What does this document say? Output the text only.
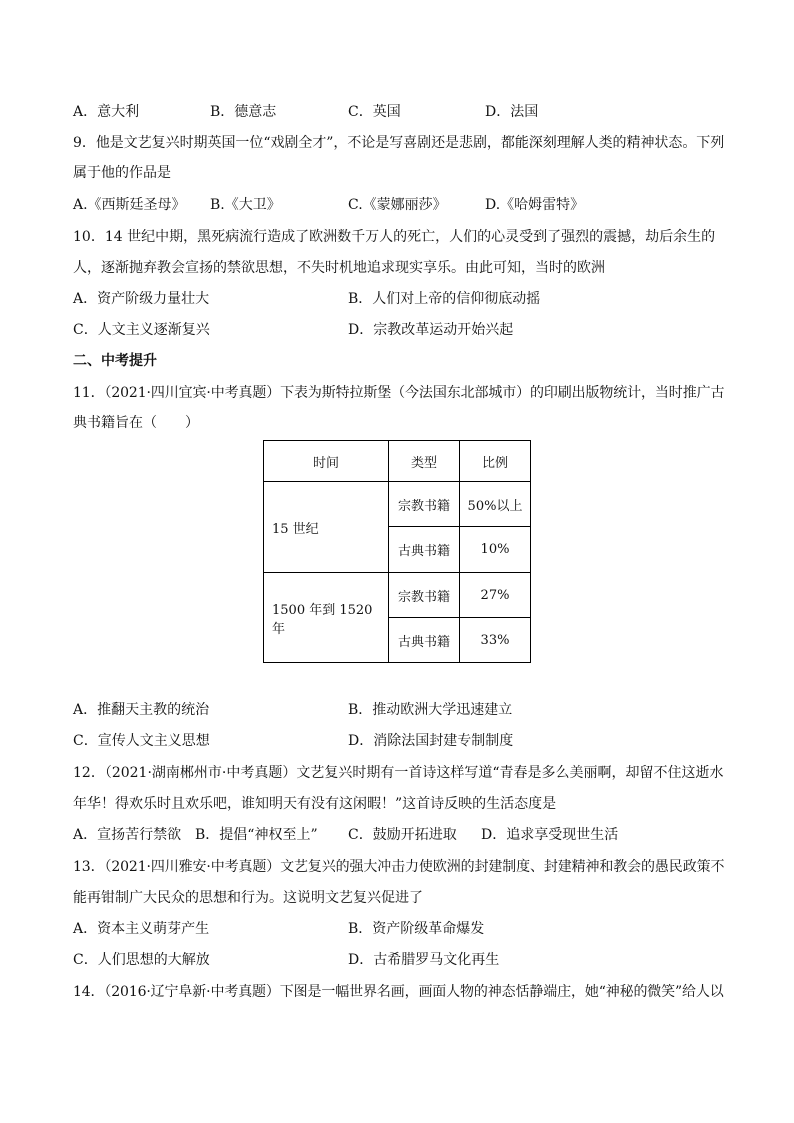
A．意大利	B．德意志	C．英国	D．法国
9．他是文艺复兴时期英国一位“戏剧全才”，不论是写喜剧还是悲剧，都能深刻理解人类的精神状态。下列
属于他的作品是
A.《西斯廷圣母》 B.《大卫》	C.《蒙娜丽莎》	D.《哈姆雷特》
10．14 世纪中期，黑死病流行造成了欧洲数千万人的死亡，人们的心灵受到了强烈的震撼，劫后余生的
人，逐渐抛弃教会宣扬的禁欲思想，不失时机地追求现实享乐。由此可知，当时的欧洲
A．资产阶级力量壮大	B．人们对上帝的信仰彻底动摇
C．人文主义逐渐复兴	D．宗教改革运动开始兴起
二、中考提升
11．（2021·四川宜宾·中考真题）下表为斯特拉斯堡（今法国东北部城市）的印刷出版物统计，当时推广古
典书籍旨在（　　）
时间	类型	比例
15 世纪	宗教书籍	50%以上
	古典书籍	10%
1500 年到 1520 年	宗教书籍	27%
	古典书籍	33%
A．推翻天主教的统治	B．推动欧洲大学迅速建立
C．宣传人文主义思想	D．消除法国封建专制制度
12．（2021·湖南郴州市·中考真题）文艺复兴时期有一首诗这样写道“青春是多么美丽啊，却留不住这逝水
年华！得欢乐时且欢乐吧，谁知明天有没有这闲暇！”这首诗反映的生活态度是
A．宣扬苦行禁欲 B．提倡“神权至上” C．鼓励开拓进取 D．追求享受现世生活
13．（2021·四川雅安·中考真题）文艺复兴的强大冲击力使欧洲的封建制度、封建精神和教会的愚民政策不
能再钳制广大民众的思想和行为。这说明文艺复兴促进了
A．资本主义萌芽产生	B．资产阶级革命爆发
C．人们思想的大解放	D．古希腊罗马文化再生
14．（2016·辽宁阜新·中考真题）下图是一幅世界名画，画面人物的神态恬静端庄，她“神秘的微笑”给人以
